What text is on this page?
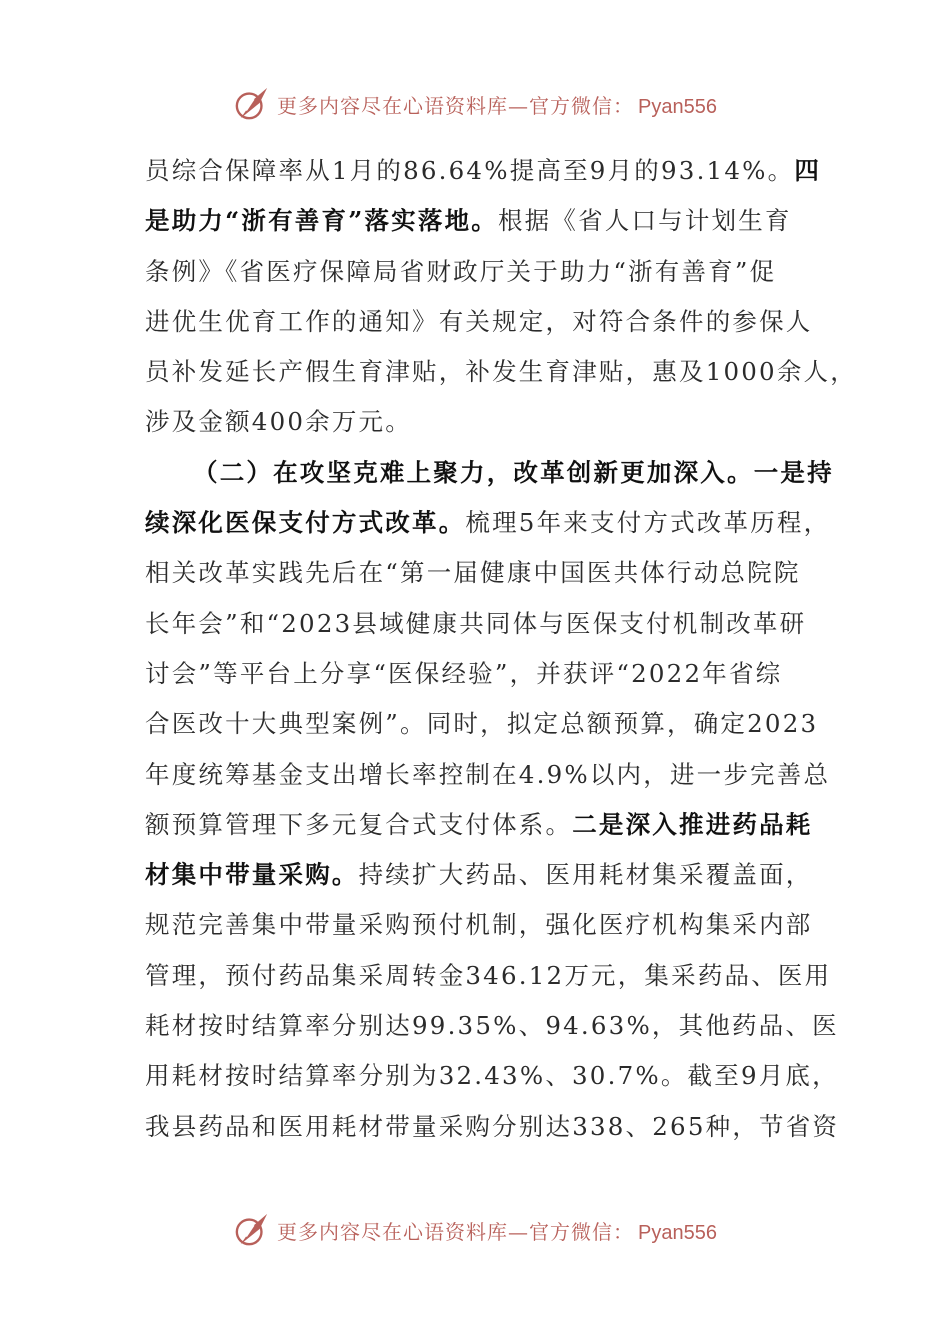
更多内容尽在心语资料库—官方微信： Pyan556
员综合保障率从1月的86.64%提高至9月的93.14%。四
是助力“浙有善育”落实落地。根据《省人口与计划生育
条例》《省医疗保障局省财政厅关于助力“浙有善育”促
进优生优育工作的通知》有关规定，对符合条件的参保人
员补发延长产假生育津贴，补发生育津贴，惠及1000余人，
涉及金额400余万元。
（二）在攻坚克难上聚力，改革创新更加深入。一是持
续深化医保支付方式改革。梳理5年来支付方式改革历程，
相关改革实践先后在“第一届健康中国医共体行动总院院
长年会”和“2023县域健康共同体与医保支付机制改革研
讨会”等平台上分享“医保经验”，并获评“2022年省综
合医改十大典型案例”。同时，拟定总额预算，确定2023
年度统筹基金支出增长率控制在4.9%以内，进一步完善总
额预算管理下多元复合式支付体系。二是深入推进药品耗
材集中带量采购。持续扩大药品、医用耗材集采覆盖面，
规范完善集中带量采购预付机制，强化医疗机构集采内部
管理，预付药品集采周转金346.12万元，集采药品、医用
耗材按时结算率分别达99.35%、94.63%，其他药品、医
用耗材按时结算率分别为32.43%、30.7%。截至9月底，
我县药品和医用耗材带量采购分别达338、265种，节省资
更多内容尽在心语资料库—官方微信： Pyan556
